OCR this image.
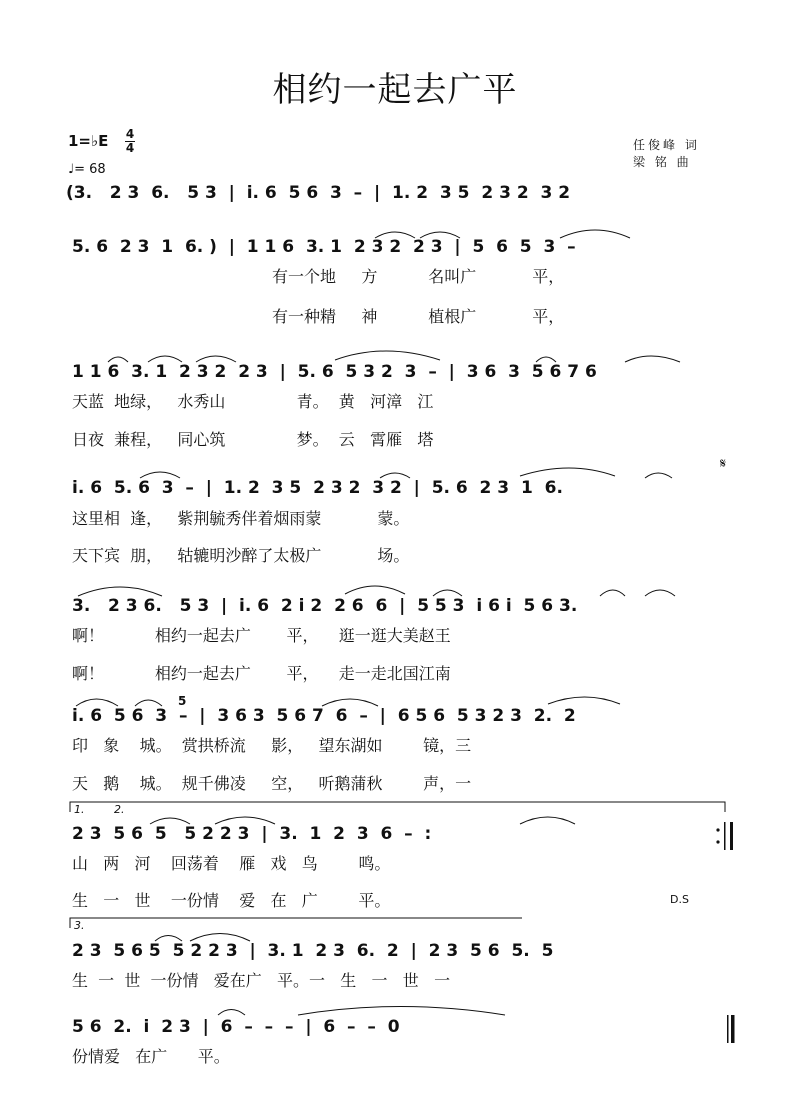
相约一起去广平
1=♭E 4
4
♩= 68
任俊峰 词
梁 铭 曲
(3.   2 3  6.   5 3  |  i. 6  5 6  3  –  |  1. 2  3 5  2 3 2  3 2
5. 6  2 3  1  6. )  |  1 1 6  3. 1  2 3 2  2 3  |  5  6  5  3  –
有一个地     方          名叫广           平，
有一种精     神          植根广           平，
1 1 6  3. 1  2 3 2  2 3  |  5. 6  5 3 2  3  –  |  3 6  3  5 6 7 6
天蓝  地绿，   水秀山              青。  黄   河漳   江
日夜  兼程，   同心筑              梦。  云   霄雁   塔
i. 6  5. 6  3  –  |  1. 2  3 5  2 3 2  3 2  |  5. 6  2 3  1  6.
这里相  逢，   紫荆毓秀伴着烟雨蒙           蒙。
天下宾  朋，   轱辘明沙醉了太极广           场。
𝄋
3.   2 3 6.   5 3  |  i. 6  2 i 2  2 6  6  |  5 5 3  i 6 i  5 6 3.
啊！          相约一起去广       平，    逛一逛大美赵王
啊！          相约一起去广       平，    走一走北国江南
i. 6  5 6  3  –  |  3 6 3  5 6 7  6  –  |  6 5 6  5 3 2 3  2.  2
印   象    城。  赏拱桥流     影，   望东湖如        镜，三
天   鹅    城。  规千佛凌     空，   听鹅蒲秋        声，一
5
1.	2.
2 3  5 6  5   5 2 2 3  |  3.  1  2  3  6  –  :
山   两   河    回荡着    雁   戏   鸟        鸣。
生   一   世    一份情    爱   在   广        平。	D.S
3.
2 3  5 6 5  5 2 2 3  |  3. 1  2 3  6.  2  |  2 3  5 6  5.  5
生  一  世  一份情   爱在广   平。一   生   一   世   一
5 6  2.  i  2 3  |  6  –  –  –  |  6  –  –  0
份情爱   在广      平。
